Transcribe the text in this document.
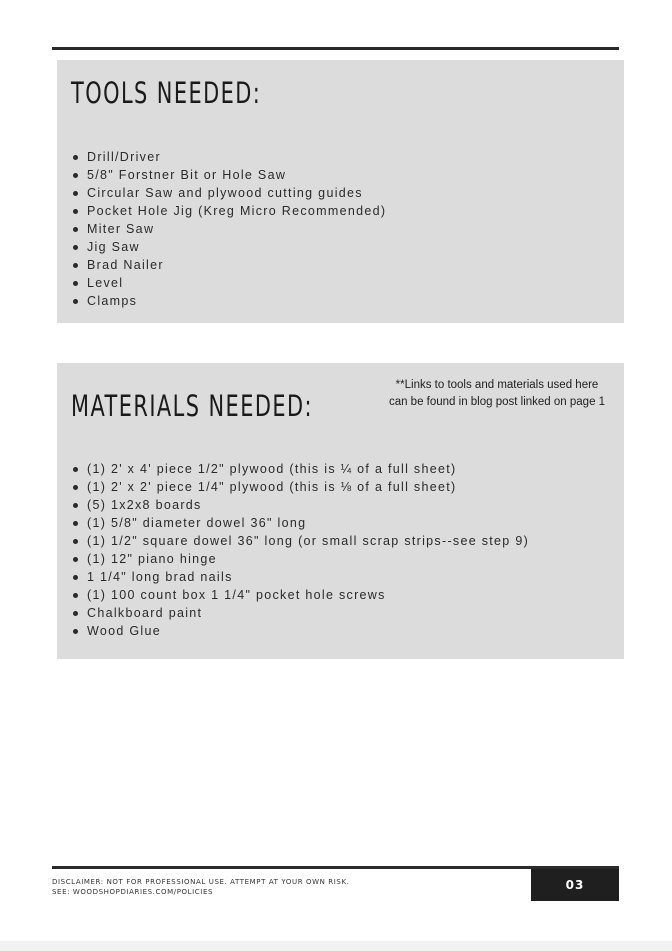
TOOLS NEEDED:
Drill/Driver
5/8" Forstner Bit or Hole Saw
Circular Saw and plywood cutting guides
Pocket Hole Jig (Kreg Micro Recommended)
Miter Saw
Jig Saw
Brad Nailer
Level
Clamps
MATERIALS NEEDED:
**Links to tools and materials used here
can be found in blog post linked on page 1
(1) 2' x 4' piece 1/2" plywood (this is ¼ of a full sheet)
(1) 2' x 2' piece 1/4" plywood (this is ⅛ of a full sheet)
(5) 1x2x8 boards
(1) 5/8" diameter dowel 36" long
(1) 1/2" square dowel 36" long (or small scrap strips--see step 9)
(1) 12" piano hinge
1 1/4" long brad nails
(1) 100 count box 1 1/4" pocket hole screws
Chalkboard paint
Wood Glue
DISCLAIMER: NOT FOR PROFESSIONAL USE. ATTEMPT AT YOUR OWN RISK.
SEE: WOODSHOPDIARIES.COM/POLICIES	03
